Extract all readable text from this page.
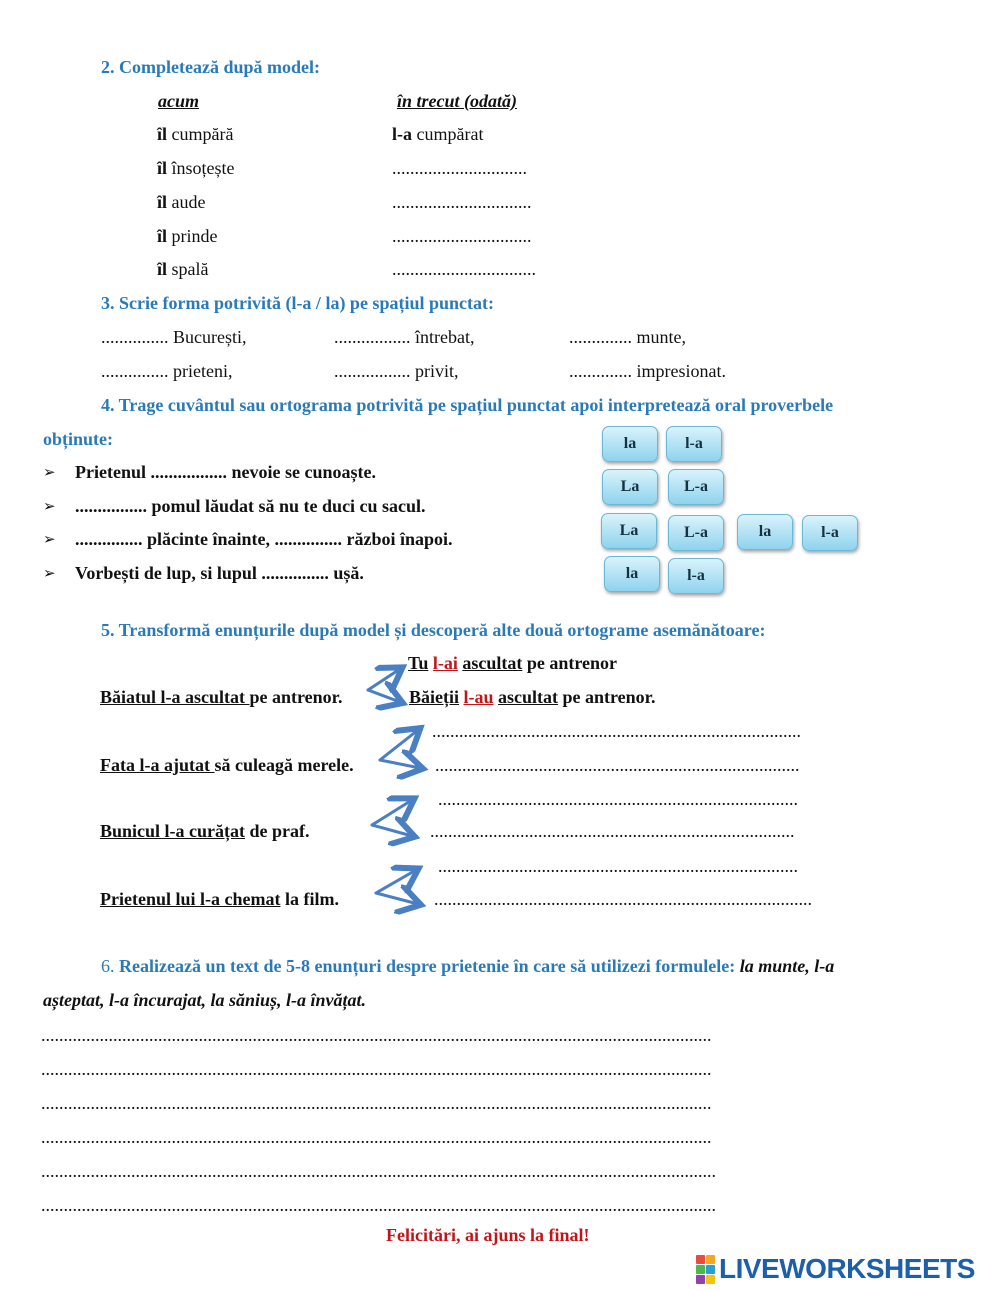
2. Completează după model:
acum	în trecut (odată)
îl cumpără	l-a cumpărat
îl însoțește	..............................
îl aude	...............................
îl prinde	...............................
îl spală	................................
3. Scrie forma potrivită (l-a / la) pe spațiul punctat:
............... București,	................. întrebat,	.............. munte,
............... prieteni,	................. privit,	.............. impresionat.
4. Trage cuvântul sau ortograma potrivită pe spațiul punctat apoi interpretează oral proverbele
obținute:
➢ Prietenul ................. nevoie se cunoaște.
➢ ................ pomul lăudat să nu te duci cu sacul.
➢ ............... plăcinte înainte, ............... război înapoi.
➢ Vorbești de lup, si lupul ............... ușă.
la	l-a
La	L-a
La	L-a	la	l-a
la	l-a
5. Transformă enunțurile după model și descoperă alte două ortograme asemănătoare:
Tu l-ai ascultat pe antrenor
Băiatul l-a ascultat pe antrenor.	Băieții l-au ascultat pe antrenor.
..................................................................................
Fata l-a ajutat să culeagă merele.	.................................................................................
................................................................................
Bunicul l-a curățat de praf.	.................................................................................
................................................................................
Prietenul lui l-a chemat la film.	....................................................................................
6. Realizează un text de 5-8 enunțuri despre prietenie în care să utilizezi formulele: la munte, l-a
așteptat, l-a încurajat, la săniuș, l-a învățat.
.....................................................................................................................................................
.....................................................................................................................................................
.....................................................................................................................................................
.....................................................................................................................................................
......................................................................................................................................................
......................................................................................................................................................
Felicitări, ai ajuns la final!
LIVEWORKSHEETS
